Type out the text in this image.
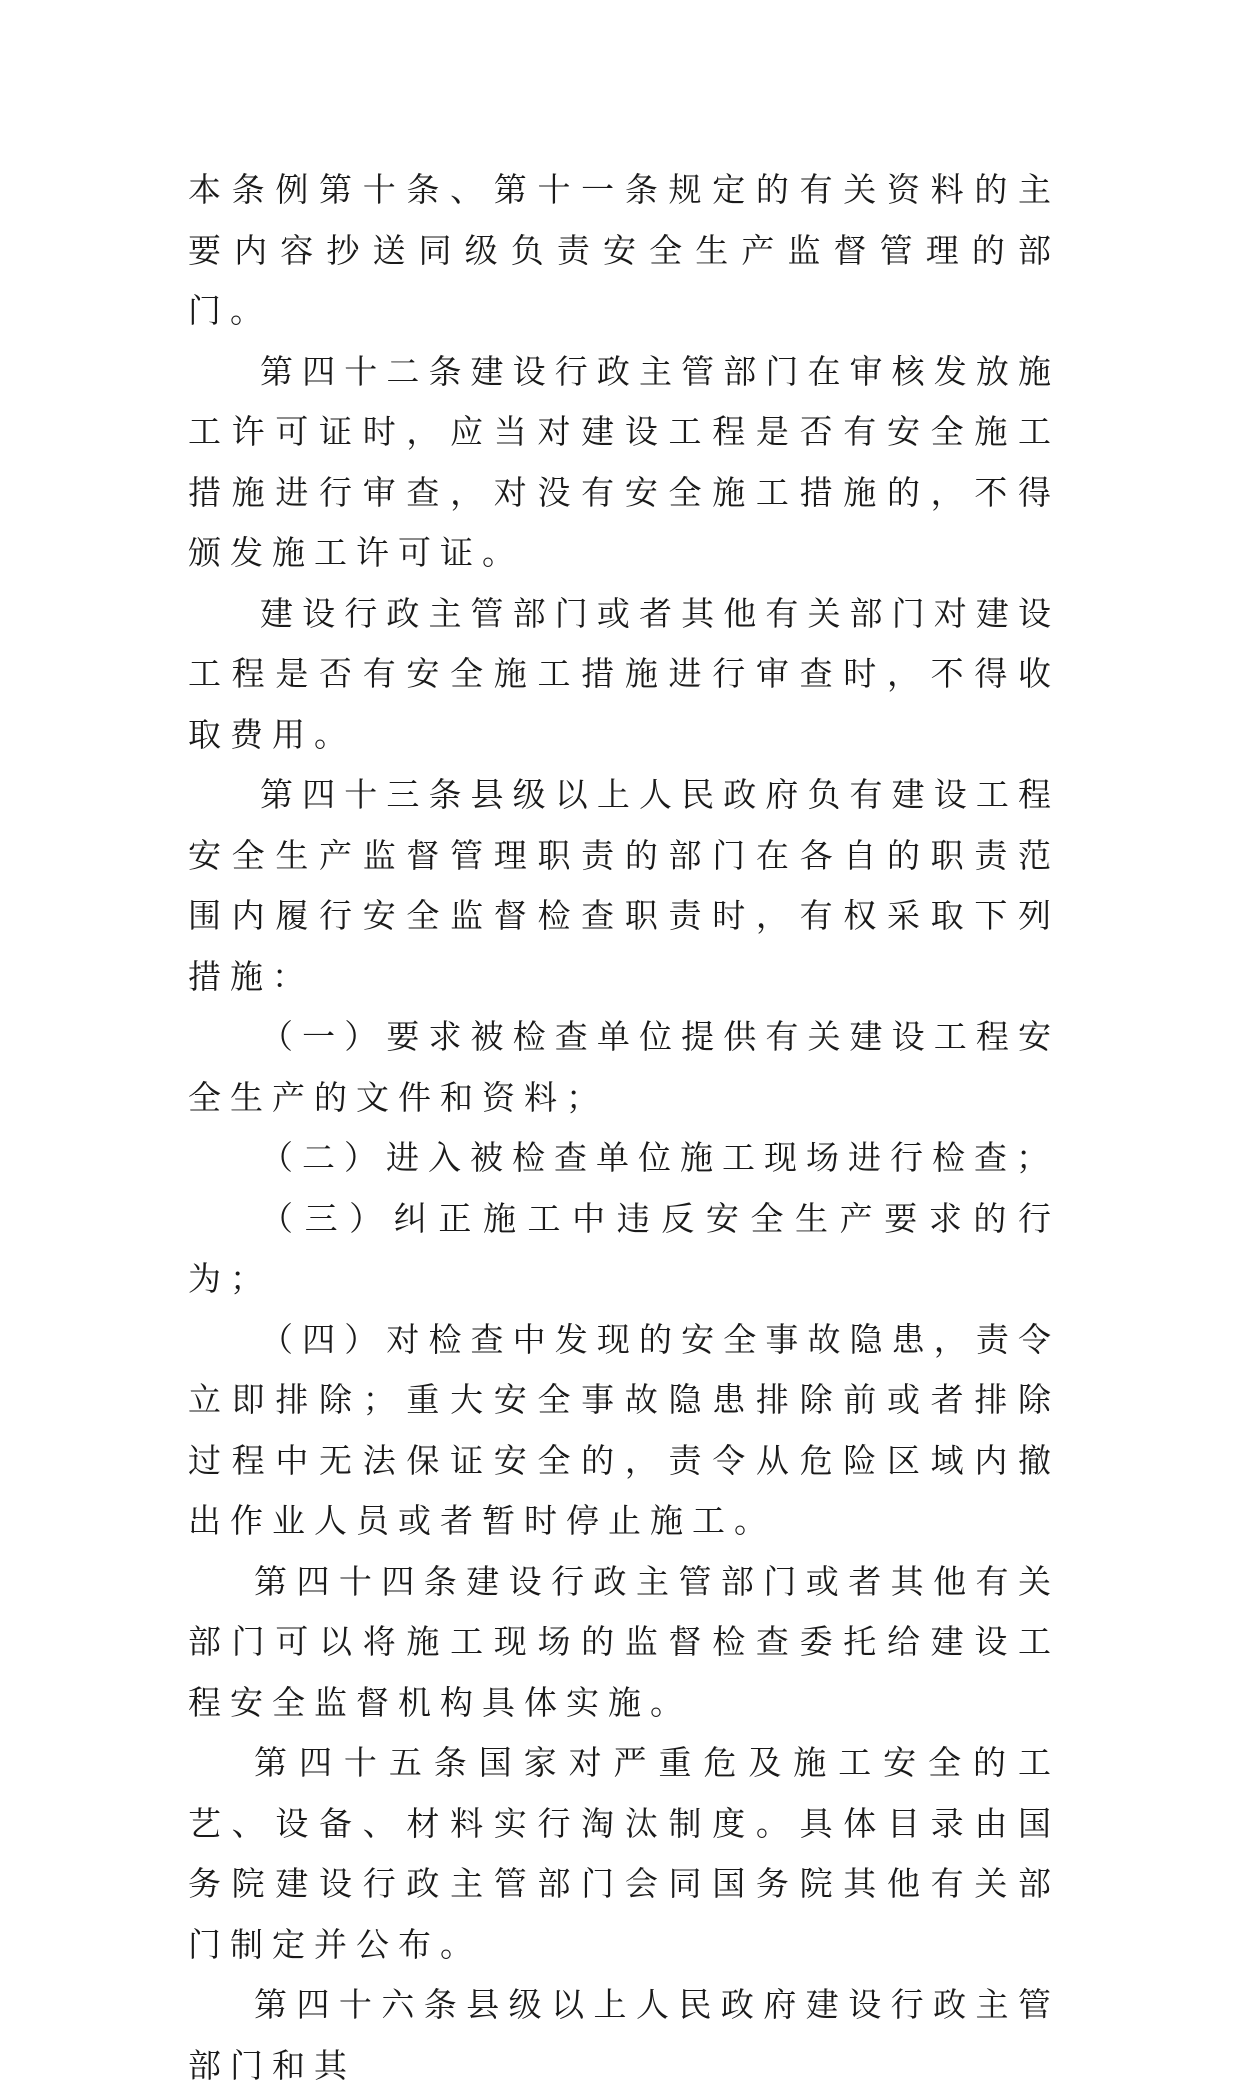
本条例第十条、第十一条规定的有关资料的主要内容抄送同级负责安全生产监督管理的部门。

第四十二条建设行政主管部门在审核发放施工许可证时，应当对建设工程是否有安全施工措施进行审查，对没有安全施工措施的，不得颁发施工许可证。

建设行政主管部门或者其他有关部门对建设工程是否有安全施工措施进行审查时，不得收取费用。

第四十三条县级以上人民政府负有建设工程安全生产监督管理职责的部门在各自的职责范围内履行安全监督检查职责时，有权采取下列措施：

（一）要求被检查单位提供有关建设工程安全生产的文件和资料；

（二）进入被检查单位施工现场进行检查；

（三）纠正施工中违反安全生产要求的行为；

（四）对检查中发现的安全事故隐患，责令立即排除；重大安全事故隐患排除前或者排除过程中无法保证安全的，责令从危险区域内撤出作业人员或者暂时停止施工。

第四十四条建设行政主管部门或者其他有关部门可以将施工现场的监督检查委托给建设工程安全监督机构具体实施。

第四十五条国家对严重危及施工安全的工艺、设备、材料实行淘汰制度。具体目录由国务院建设行政主管部门会同国务院其他有关部门制定并公布。

第四十六条县级以上人民政府建设行政主管部门和其
